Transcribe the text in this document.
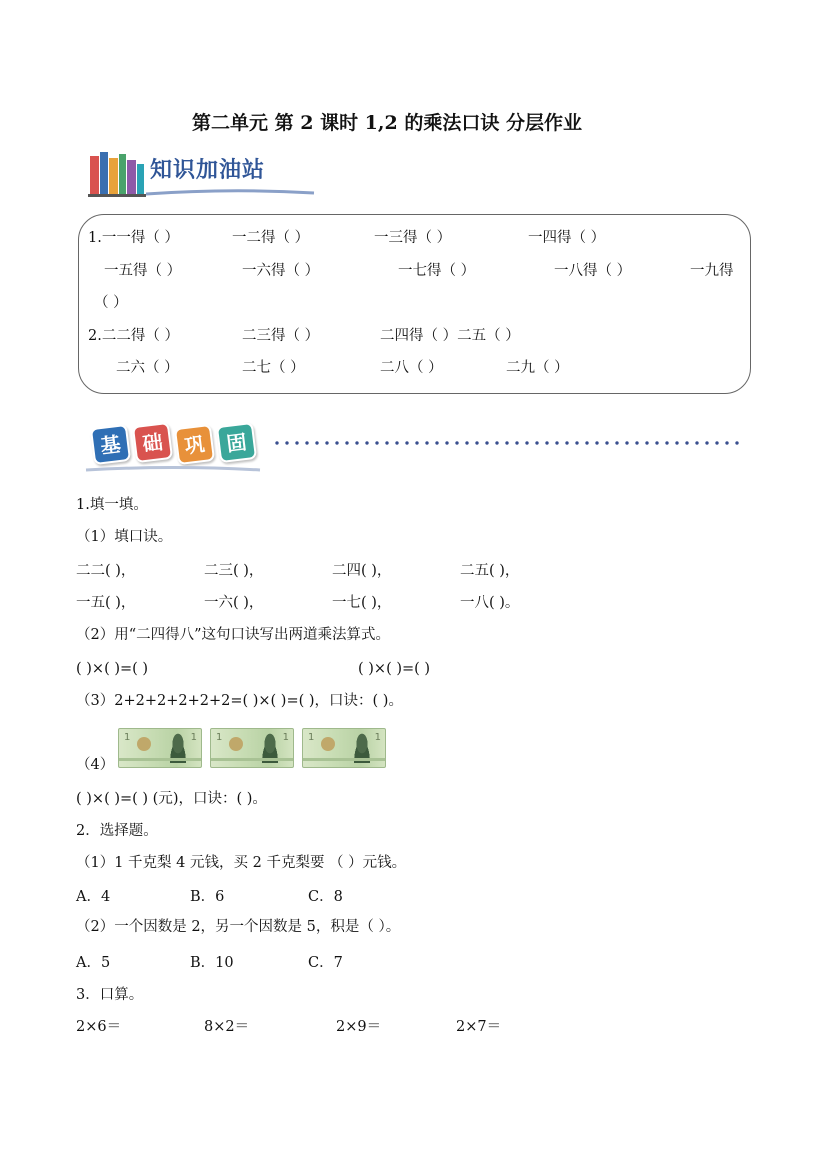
第二单元 第 2 课时 1,2 的乘法口诀 分层作业
知识加油站
1.一一得（ ）	一二得（ ）	一三得（ ）	一四得（ ）
一五得（ ）	一六得（ ）	一七得（ ）	一八得（ ）	一九得
（ ）
2.二二得（ ）	二三得（ ）	二四得（ ）二五（ ）
二六（ ）	二七（ ）	二八（ ）	二九（ ）
基 础 巩 固
1.填一填。
（1）填口诀。
二二( )，	二三( )，	二四( )，	二五( )，
一五( )，	一六( )，	一七( )，	一八( )。
（2）用“二四得八”这句口诀写出两道乘法算式。
( )×( )=( )	( )×( )=( )
（3）2+2+2+2+2+2=( )×( )=( )，口诀：( )。
（4）
1	1 1	1 1	1
( )×( )=( ) (元)，口诀：( )。
2．选择题。
（1）1 千克梨 4 元钱，买 2 千克梨要 （ ）元钱。
A．4	B．6	C．8
（2）一个因数是 2，另一个因数是 5，积是（ ）。
A．5	B．10	C．7
3．口算。
2×6＝	8×2＝	2×9＝	2×7＝
